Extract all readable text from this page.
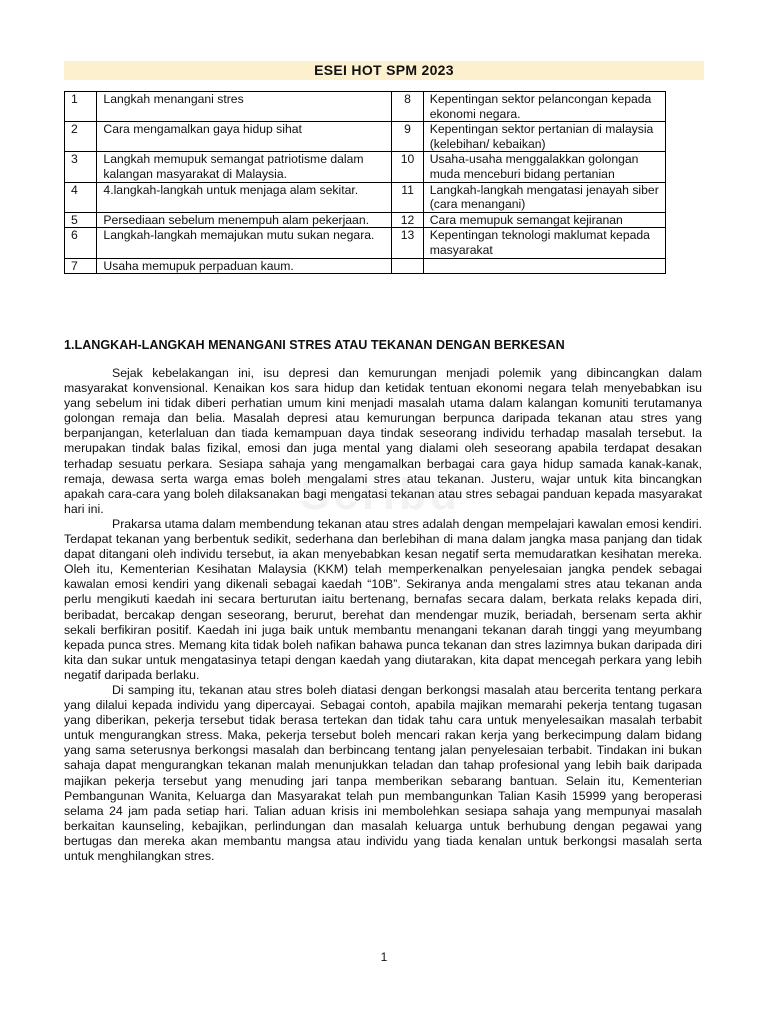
ESEI HOT SPM 2023
1	Langkah menangani stres	8	Kepentingan sektor pelancongan kepada ekonomi negara.
2	Cara mengamalkan gaya hidup sihat	9	Kepentingan sektor pertanian di malaysia (kelebihan/ kebaikan)
3	Langkah memupuk semangat patriotisme dalam kalangan masyarakat di Malaysia.	10	Usaha-usaha menggalakkan golongan muda menceburi bidang pertanian
4	4.langkah-langkah untuk menjaga alam sekitar.	11	Langkah-langkah mengatasi jenayah siber (cara menangani)
5	Persediaan sebelum menempuh alam pekerjaan.	12	Cara memupuk semangat kejiranan
6	Langkah-langkah memajukan mutu sukan negara.	13	Kepentingan teknologi maklumat kepada masyarakat
7	Usaha memupuk perpaduan kaum.		
1.LANGKAH-LANGKAH MENANGANI STRES ATAU TEKANAN DENGAN BERKESAN
Scribd

Sejak kebelakangan ini, isu depresi dan kemurungan menjadi polemik yang dibincangkan dalam masyarakat konvensional. Kenaikan kos sara hidup dan ketidak tentuan ekonomi negara telah menyebabkan isu yang sebelum ini tidak diberi perhatian umum kini menjadi masalah utama dalam kalangan komuniti terutamanya golongan remaja dan belia. Masalah depresi atau kemurungan berpunca daripada tekanan atau stres yang berpanjangan, keterlaluan dan tiada kemampuan daya tindak seseorang individu terhadap masalah tersebut. Ia merupakan tindak balas fizikal, emosi dan juga mental yang dialami oleh seseorang apabila terdapat desakan terhadap sesuatu perkara. Sesiapa sahaja yang mengamalkan berbagai cara gaya hidup samada kanak-kanak, remaja, dewasa serta warga emas boleh mengalami stres atau tekanan. Justeru, wajar untuk kita bincangkan apakah cara-cara yang boleh dilaksanakan bagi mengatasi tekanan atau stres sebagai panduan kepada masyarakat hari ini.

Prakarsa utama dalam membendung tekanan atau stres adalah dengan mempelajari kawalan emosi kendiri. Terdapat tekanan yang berbentuk sedikit, sederhana dan berlebihan di mana dalam jangka masa panjang dan tidak dapat ditangani oleh individu tersebut, ia akan menyebabkan kesan negatif serta memudaratkan kesihatan mereka. Oleh itu, Kementerian Kesihatan Malaysia (KKM) telah memperkenalkan penyelesaian jangka pendek sebagai kawalan emosi kendiri yang dikenali sebagai kaedah “10B”. Sekiranya anda mengalami stres atau tekanan anda perlu mengikuti kaedah ini secara berturutan iaitu bertenang, bernafas secara dalam, berkata relaks kepada diri, beribadat, bercakap dengan seseorang, berurut, berehat dan mendengar muzik, beriadah, bersenam serta akhir sekali berfikiran positif. Kaedah ini juga baik untuk membantu menangani tekanan darah tinggi yang meyumbang kepada punca stres. Memang kita tidak boleh nafikan bahawa punca tekanan dan stres lazimnya bukan daripada diri kita dan sukar untuk mengatasinya tetapi dengan kaedah yang diutarakan, kita dapat mencegah perkara yang lebih negatif daripada berlaku.

Di samping itu, tekanan atau stres boleh diatasi dengan berkongsi masalah atau bercerita tentang perkara yang dilalui kepada individu yang dipercayai. Sebagai contoh, apabila majikan memarahi pekerja tentang tugasan yang diberikan, pekerja tersebut tidak berasa tertekan dan tidak tahu cara untuk menyelesaikan masalah terbabit untuk mengurangkan stress. Maka, pekerja tersebut boleh mencari rakan kerja yang berkecimpung dalam bidang yang sama seterusnya berkongsi masalah dan berbincang tentang jalan penyelesaian terbabit. Tindakan ini bukan sahaja dapat mengurangkan tekanan malah menunjukkan teladan dan tahap profesional yang lebih baik daripada majikan pekerja tersebut yang menuding jari tanpa memberikan sebarang bantuan. Selain itu, Kementerian Pembangunan Wanita, Keluarga dan Masyarakat telah pun membangunkan Talian Kasih 15999 yang beroperasi selama 24 jam pada setiap hari. Talian aduan krisis ini membolehkan sesiapa sahaja yang mempunyai masalah berkaitan kaunseling, kebajikan, perlindungan dan masalah keluarga untuk berhubung dengan pegawai yang bertugas dan mereka akan membantu mangsa atau individu yang tiada kenalan untuk berkongsi masalah serta untuk menghilangkan stres.

1
